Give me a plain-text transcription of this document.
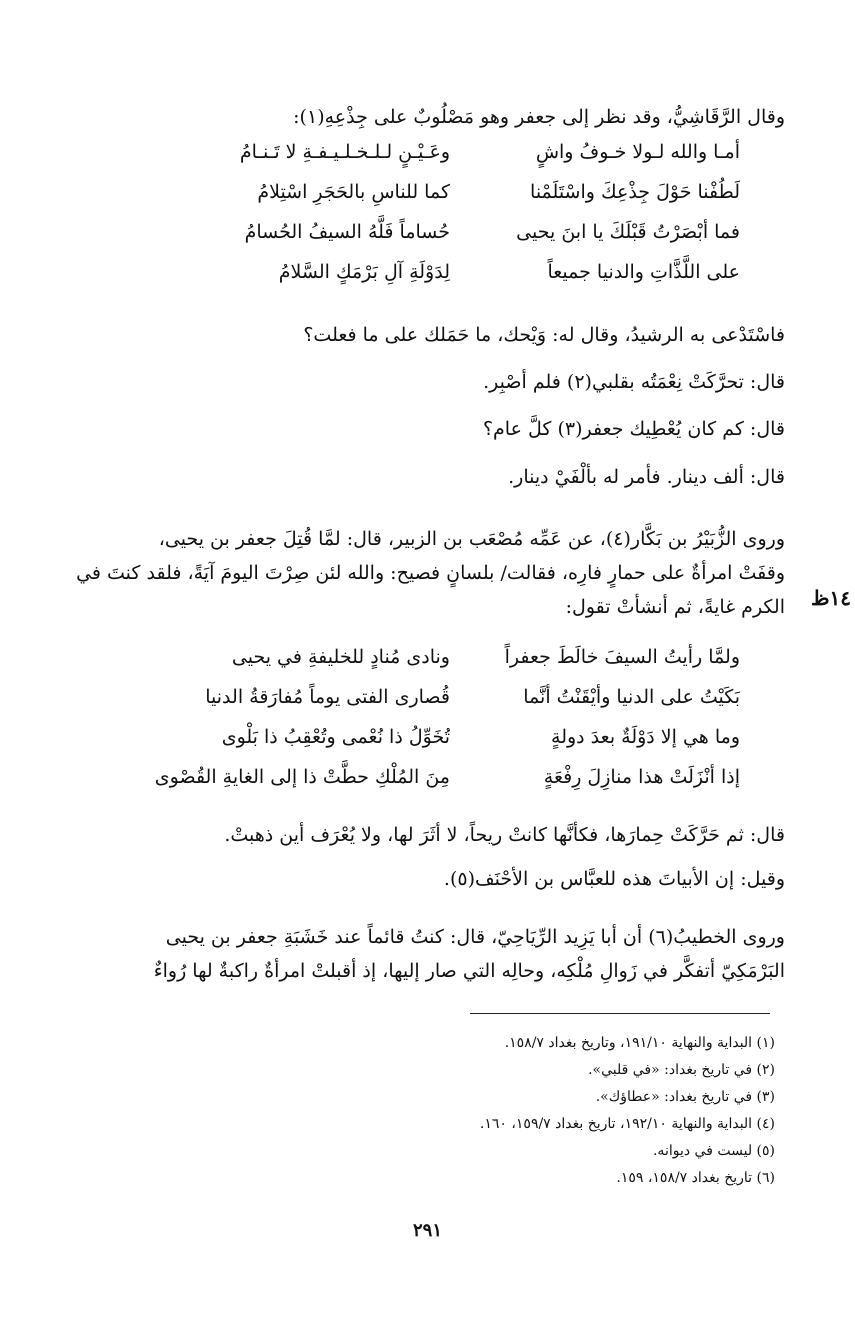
وقال الرَّقَاشِيُّ، وقد نظر إلى جعفر وهو مَصْلُوبٌ على جِذْعِهِ(١):
أمـا والله لـولا خـوفُ واشٍ
وعَـيْـنٍ لـلـخـلـيـفـةِ لا تَـنـامُ
لَطُفْنا حَوْلَ جِذْعِكَ واسْتَلَمْنا
كما للناسِ بالحَجَرِ اسْتِلامُ
فما أبْصَرْتُ قَبْلَكَ يا ابنَ يحيى
حُساماً فَلَّهُ السيفُ الحُسامُ
على اللَّذَّاتِ والدنيا جميعاً
لِدَوْلَةِ آلِ بَرْمَكٍ السَّلامُ
فاسْتَدْعى به الرشيدُ، وقال له: وَيْحك، ما حَمَلك على ما فعلت؟
قال: تحرَّكَتْ نِعْمَتُه بقلبي(٢) فلم أصْبِر.
قال: كم كان يُعْطِيك جعفر(٣) كلَّ عام؟
قال: ألف دينار. فأمر له بألْفَيْ دينار.
وروى الزُّبَيْرُ بن بَكَّار(٤)، عن عَمِّه مُصْعَب بن الزبير، قال: لمَّا قُتِلَ جعفر بن يحيى،
وقفَتْ امرأةٌ على حمارٍ فارِه، فقالت/ بلسانٍ فصيح: والله لئن صِرْتَ اليومَ آيَةً، فلقد كنتَ في
الكرم غايةً، ثم أنشأتْ تقول: ١٤ظ
ولمَّا رأيتُ السيفَ خالَطَ جعفراً
ونادى مُنادٍ للخليفةِ في يحيى
بَكَيْتُ على الدنيا وأيْقَنْتُ أنَّما
قُصارى الفتى يوماً مُفارَقةُ الدنيا
وما هي إلا دَوْلَةٌ بعدَ دولةٍ
تُخَوِّلُ ذا نُعْمى وتُعْقِبُ ذا بَلْوى
إذا أنْزَلَتْ هذا منازِلَ رِفْعَةٍ
مِنَ المُلْكِ حطَّتْ ذا إلى الغايةِ القُصْوى
قال: ثم حَرَّكَتْ حِمارَها، فكأنَّها كانتْ ريحاً، لا أثَرَ لها، ولا يُعْرَف أين ذهبتْ.
وقيل: إن الأبياتَ هذه للعبَّاس بن الأحْنَف(٥).
وروى الخطيبُ(٦) أن أبا يَزِيد الرِّيَاحِيّ، قال: كنتُ قائماً عند خَشَبَةِ جعفر بن يحيى
البَرْمَكِيّ أتفكَّر في زَوالِ مُلْكِه، وحالِه التي صار إليها، إذ أقبلتْ امرأةٌ راكبةٌ لها رُواءٌ
(١) البداية والنهاية ١٩١/١٠، وتاريخ بغداد ١٥٨/٧.
(٢) في تاريخ بغداد: «في قلبي».
(٣) في تاريخ بغداد: «عطاؤك».
(٤) البداية والنهاية ١٩٢/١٠، تاريخ بغداد ١٥٩/٧، ١٦٠.
(٥) ليست في ديوانه.
(٦) تاريخ بغداد ١٥٨/٧، ١٥٩.
٢٩١
